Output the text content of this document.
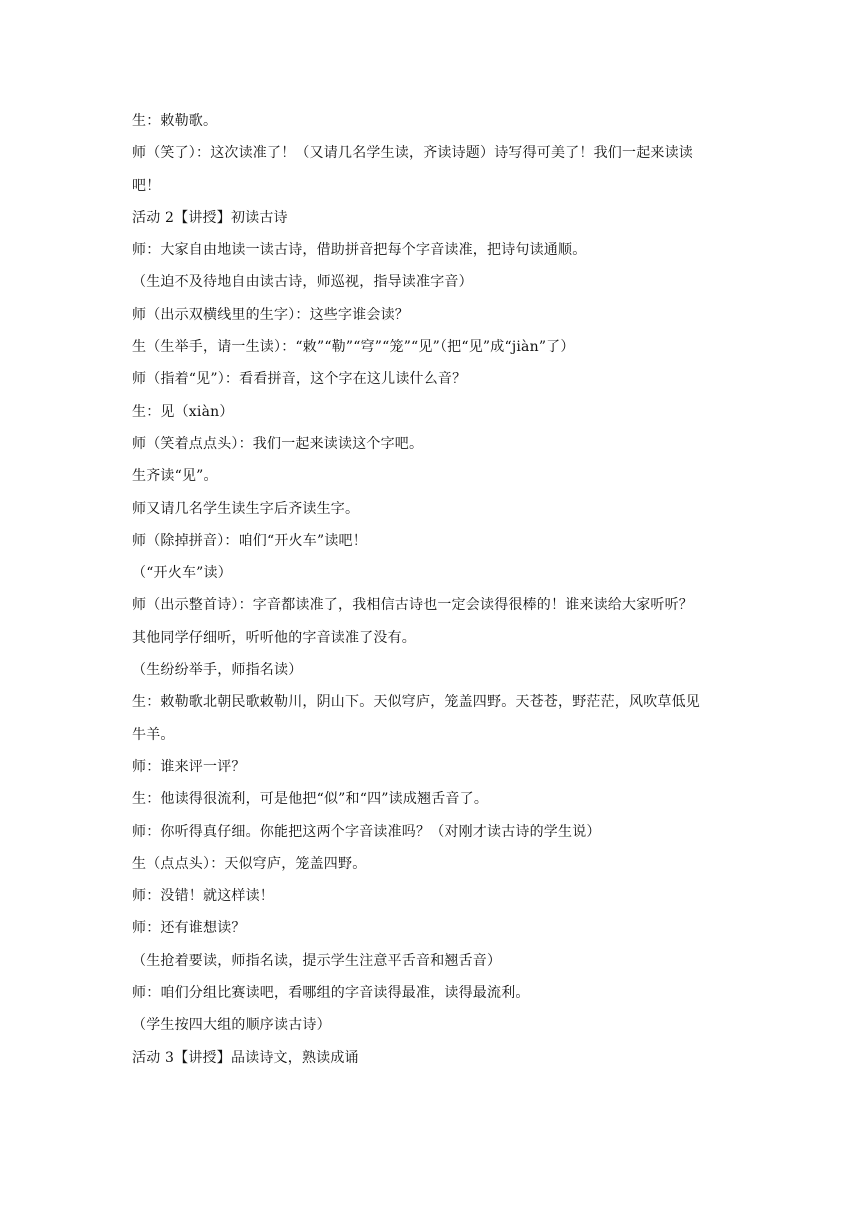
生：敕勒歌。
师（笑了）：这次读准了！（又请几名学生读，齐读诗题）诗写得可美了！我们一起来读读
吧！
活动 2【讲授】初读古诗
师：大家自由地读一读古诗，借助拼音把每个字音读准，把诗句读通顺。
（生迫不及待地自由读古诗，师巡视，指导读准字音）
师（出示双横线里的生字）：这些字谁会读？
生（生举手，请一生读）：“敕”“勒”“穹”“笼”“见”（把“见”成“jiàn”了）
师（指着“见”）：看看拼音，这个字在这儿读什么音？
生：见（xiàn）
师（笑着点点头）：我们一起来读读这个字吧。
生齐读“见”。
师又请几名学生读生字后齐读生字。
师（除掉拼音）：咱们“开火车”读吧！
（“开火车”读）
师（出示整首诗）：字音都读准了，我相信古诗也一定会读得很棒的！谁来读给大家听听？
其他同学仔细听，听听他的字音读准了没有。
（生纷纷举手，师指名读）
生：敕勒歌北朝民歌敕勒川，阴山下。天似穹庐，笼盖四野。天苍苍，野茫茫，风吹草低见
牛羊。
师：谁来评一评？
生：他读得很流利，可是他把“似”和“四”读成翘舌音了。
师：你听得真仔细。你能把这两个字音读准吗？（对刚才读古诗的学生说）
生（点点头）：天似穹庐，笼盖四野。
师：没错！就这样读！
师：还有谁想读？
（生抢着要读，师指名读，提示学生注意平舌音和翘舌音）
师：咱们分组比赛读吧，看哪组的字音读得最准，读得最流利。
（学生按四大组的顺序读古诗）
活动 3【讲授】品读诗文，熟读成诵
